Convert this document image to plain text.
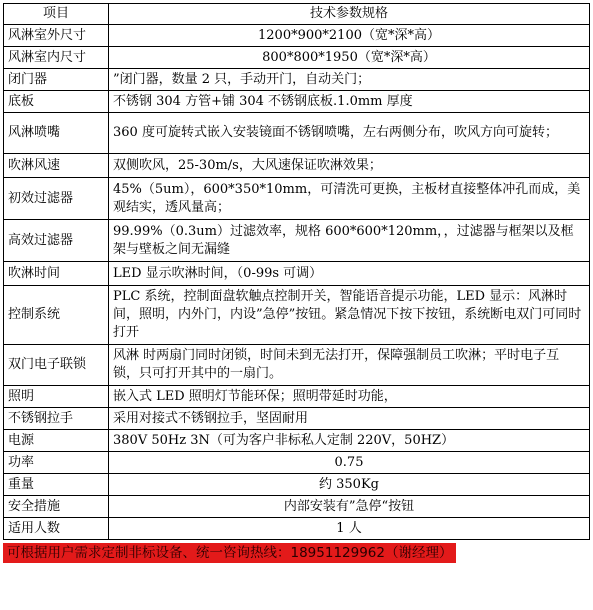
项目	技术参数规格
风淋室外尺寸	1200*900*2100（宽*深*高）
风淋室内尺寸	800*800*1950（宽*深*高）
闭门器	”闭门器，数量 2 只，手动开门，自动关门；
底板	不锈钢 304 方管+铺 304 不锈钢底板.1.0mm 厚度
风淋喷嘴	360 度可旋转式嵌入安装镜面不锈钢喷嘴，左右两侧分布，吹风方向可旋转；
吹淋风速	双侧吹风，25-30m/s，大风速保证吹淋效果；
初效过滤器	45%（5um），600*350*10mm，可清洗可更换，主板材直接整体冲孔而成，美观结实，透风量高；
高效过滤器	99.99%（0.3um）过滤效率，规格 600*600*120mm，，过滤器与框架以及框架与壁板之间无漏缝
吹淋时间	LED 显示吹淋时间，（0-99s 可调）
控制系统	PLC 系统，控制面盘软触点控制开关，智能语音提示功能，LED 显示：风淋时间，照明，内外门，内设”急停”按钮。紧急情况下按下按钮，系统断电双门可同时打开
双门电子联锁	风淋 时两扇门同时闭锁，时间未到无法打开，保障强制员工吹淋；平时电子互锁，只可打开其中的一扇门。
照明	嵌入式 LED 照明灯节能环保；照明带延时功能，
不锈钢拉手	采用对接式不锈钢拉手，坚固耐用
电源	380V 50Hz 3N（可为客户非标私人定制 220V，50HZ）
功率	0.75
重量	约 350Kg
安全措施	内部安装有”急停“按钮
适用人数	1 人
可根据用户需求定制非标设备、统一咨询热线：18951129962（谢经理）
